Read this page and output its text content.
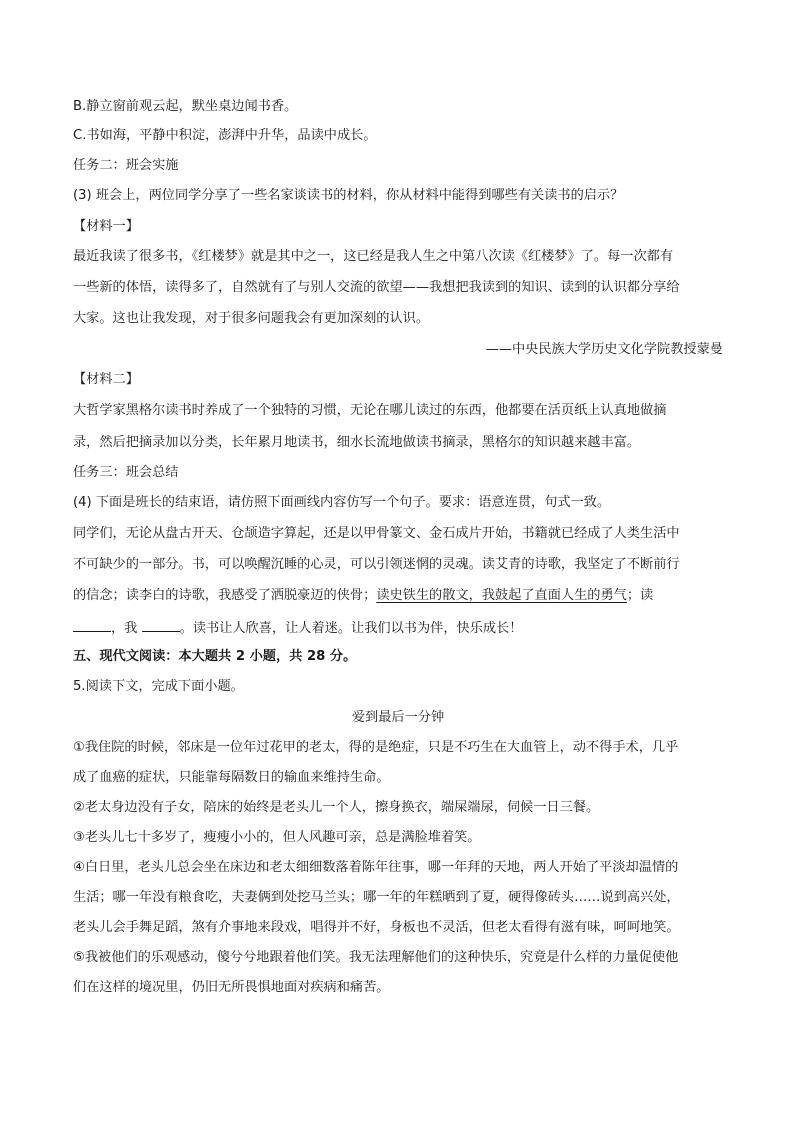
B.静立窗前观云起，默坐桌边闻书香。
C.书如海，平静中积淀，澎湃中升华，品读中成长。
任务二：班会实施
(3) 班会上，两位同学分享了一些名家谈读书的材料，你从材料中能得到哪些有关读书的启示？
【材料一】
最近我读了很多书，《红楼梦》就是其中之一，这已经是我人生之中第八次读《红楼梦》了。每一次都有
一些新的体悟，读得多了，自然就有了与别人交流的欲望——我想把我读到的知识、读到的认识都分享给
大家。这也让我发现，对于很多问题我会有更加深刻的认识。
——中央民族大学历史文化学院教授蒙曼
【材料二】
大哲学家黑格尔读书时养成了一个独特的习惯，无论在哪儿读过的东西，他都要在活页纸上认真地做摘
录，然后把摘录加以分类，长年累月地读书，细水长流地做读书摘录，黑格尔的知识越来越丰富。
任务三：班会总结
(4) 下面是班长的结束语，请仿照下面画线内容仿写一个句子。要求：语意连贯，句式一致。
同学们，无论从盘古开天、仓颉造字算起，还是以甲骨篆文、金石成片开始，书籍就已经成了人类生活中
不可缺少的一部分。书，可以唤醒沉睡的心灵，可以引领迷惘的灵魂。读艾青的诗歌，我坚定了不断前行
的信念；读李白的诗歌，我感受了洒脱豪迈的侠骨；读史铁生的散文，我鼓起了直面人生的勇气；读
，我	。读书让人欣喜，让人着迷。让我们以书为伴，快乐成长！
五、现代文阅读：本大题共 2 小题，共 28 分。
5.阅读下文，完成下面小题。
爱到最后一分钟
①我住院的时候，邻床是一位年过花甲的老太，得的是绝症，只是不巧生在大血管上，动不得手术，几乎
成了血癌的症状，只能靠每隔数日的输血来维持生命。
②老太身边没有子女，陪床的始终是老头儿一个人，擦身换衣，端屎端尿，伺候一日三餐。
③老头儿七十多岁了，瘦瘦小小的，但人风趣可亲，总是满脸堆着笑。
④白日里，老头儿总会坐在床边和老太细细数落着陈年往事，哪一年拜的天地，两人开始了平淡却温情的
生活；哪一年没有粮食吃，夫妻俩到处挖马兰头；哪一年的年糕晒到了夏，硬得像砖头……说到高兴处，
老头儿会手舞足蹈，煞有介事地来段戏，唱得并不好，身板也不灵活，但老太看得有滋有味，呵呵地笑。
⑤我被他们的乐观感动，傻兮兮地跟着他们笑。我无法理解他们的这种快乐，究竟是什么样的力量促使他
们在这样的境况里，仍旧无所畏惧地面对疾病和痛苦。
